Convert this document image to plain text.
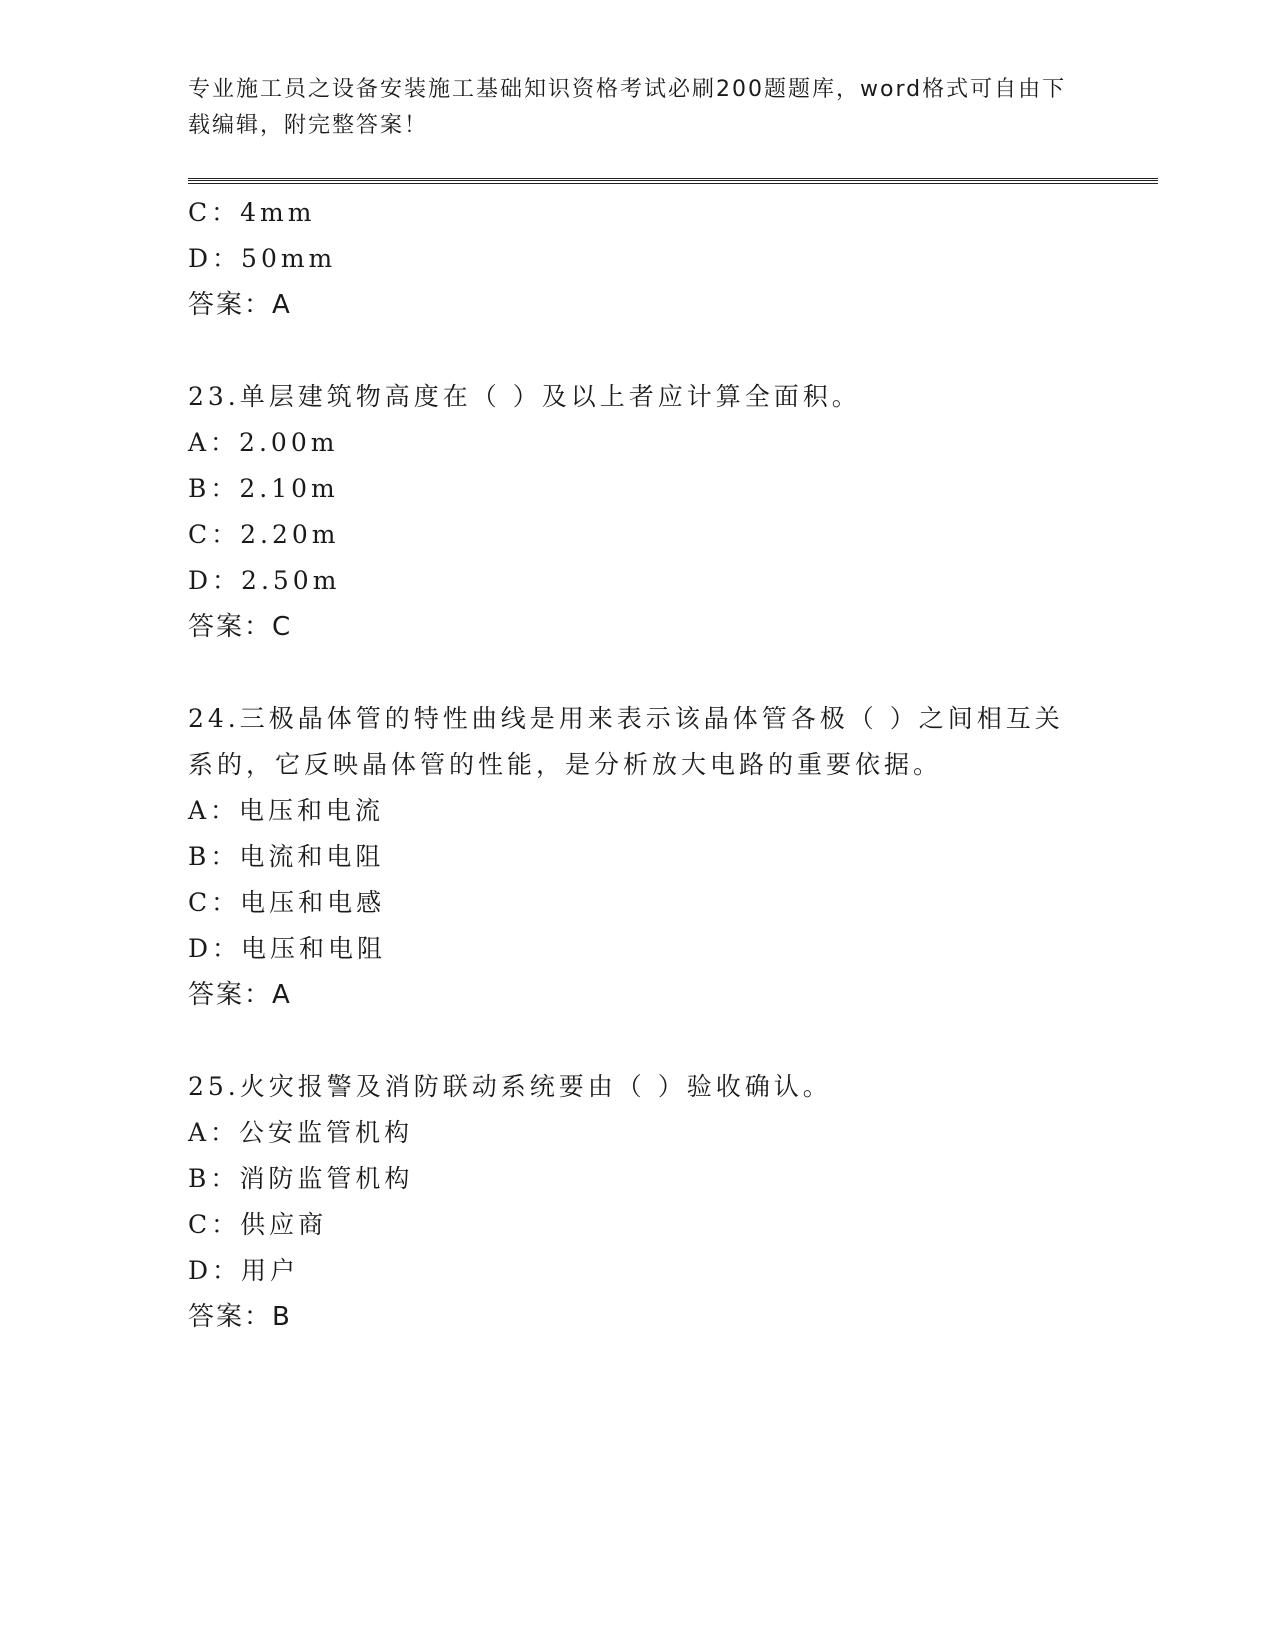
专业施工员之设备安装施工基础知识资格考试必刷200题题库，word格式可自由下载编辑，附完整答案！
C：4mm
D：50mm
答案：A
23.单层建筑物高度在（ ）及以上者应计算全面积。
A：2.00m
B：2.10m
C：2.20m
D：2.50m
答案：C
24.三极晶体管的特性曲线是用来表示该晶体管各极（ ）之间相互关系的，它反映晶体管的性能，是分析放大电路的重要依据。
A：电压和电流
B：电流和电阻
C：电压和电感
D：电压和电阻
答案：A
25.火灾报警及消防联动系统要由（ ）验收确认。
A：公安监管机构
B：消防监管机构
C：供应商
D：用户
答案：B
